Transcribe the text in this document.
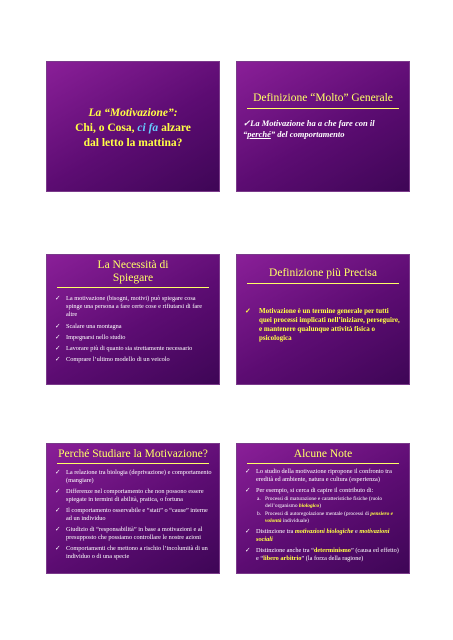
La “Motivazione”:
Chi, o Cosa, ci fa alzare
dal letto la mattina?
Definizione “Molto” Generale
✓La Motivazione ha a che fare con il “perché” del comportamento
La Necessità di
Spiegare
✓ La motivazione (bisogni, motivi) può spiegare cosa spinge una persona a fare certe cose e rifiutarsi di fare altre
✓ Scalare una montagna
✓ Impegnarsi nello studio
✓ Lavorare più di quanto sia strettamente necessario
✓ Comprare l’ultimo modello di un veicolo
Definizione più Precisa
✓	Motivazione è un termine generale per tutti quei processi implicati nell’iniziare, perseguire, e mantenere qualunque attività fisica o psicologica
Perché Studiare la Motivazione?
✓ La relazione tra biologia (deprivazione) e comportamento (mangiare)
✓ Differenze nel comportamento che non possono essere spiegate in termini di abilità, pratica, o fortuna
✓ Il comportamento osservabile e “stati” o “cause” interne ad un individuo
✓ Giudizio di “responsabilità” in base a motivazioni e al presupposto che possiamo controllare le nostre azioni
✓ Comportamenti che mettono a rischio l’incolumità di un individuo o di una specie
Alcune Note
✓ Lo studio della motivazione ripropone il confronto tra eredità ed ambiente, natura e cultura (esperienza)
✓ Per esempio, si cerca di capire il contributo di:
a. Processi di maturazione e caratteristiche fisiche (ruolo dell’organismo biologico)
b. Processi di autoregolazione mentale (processi di pensiero e volontà individuale)
✓ Distinzione tra motivazioni biologiche e motivazioni sociali
✓ Distinzione anche tra “determinismo” (causa ed effetto) e “libero arbitrio” (la forza della ragione)
